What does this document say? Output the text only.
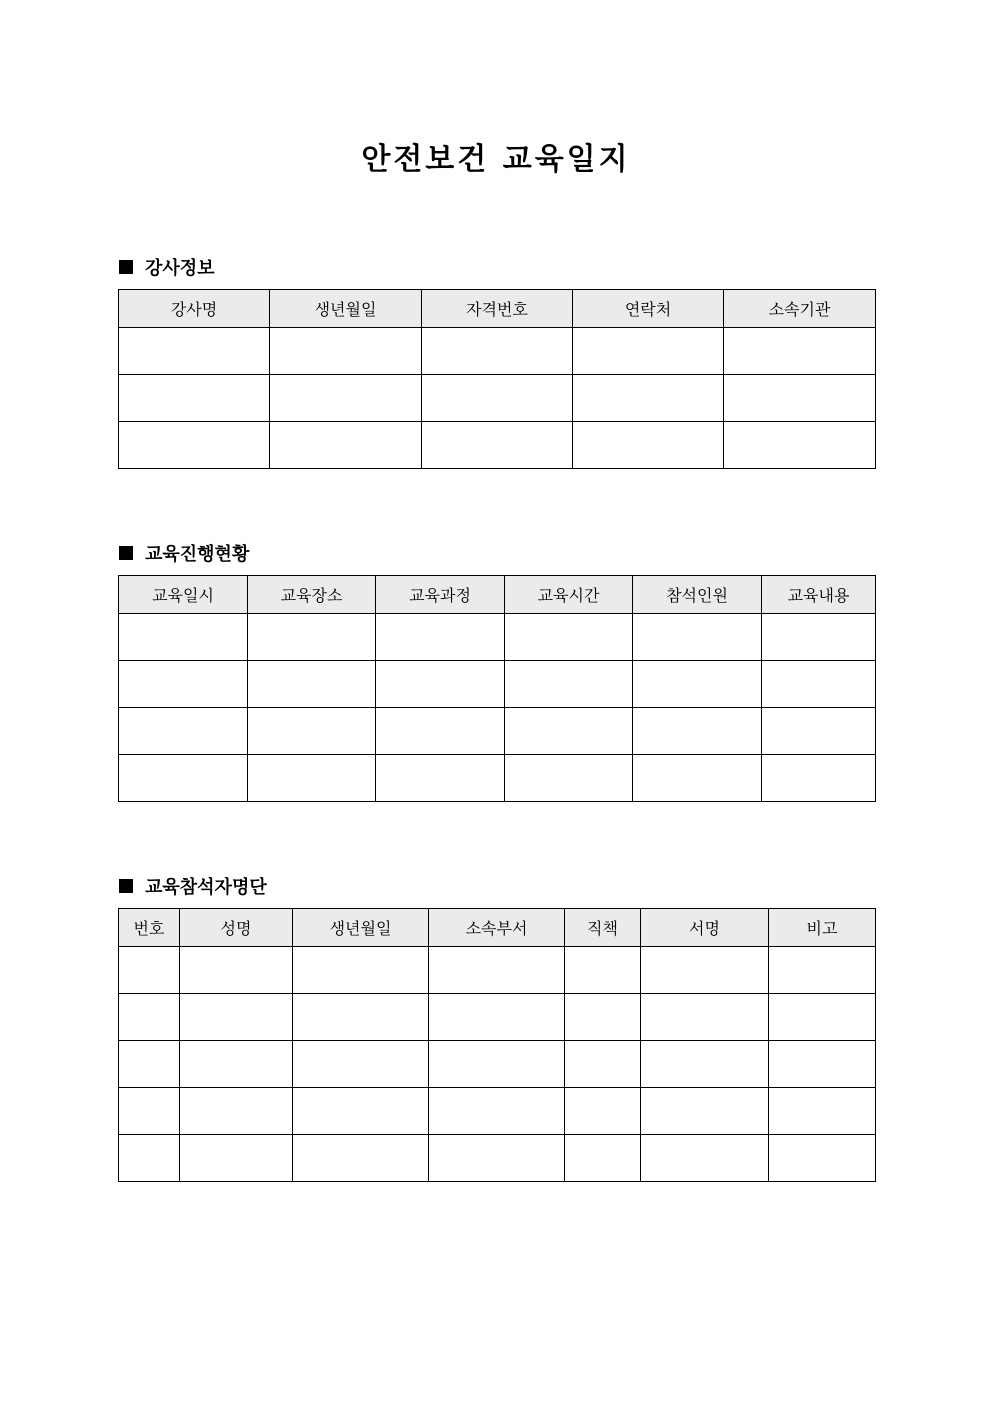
안전보건 교육일지
강사정보
강사명	생년월일	자격번호	연락처	소속기관

교육진행현황
교육일시	교육장소	교육과정	교육시간	참석인원	교육내용

교육참석자명단
번호	성명	생년월일	소속부서	직책	서명	비고
